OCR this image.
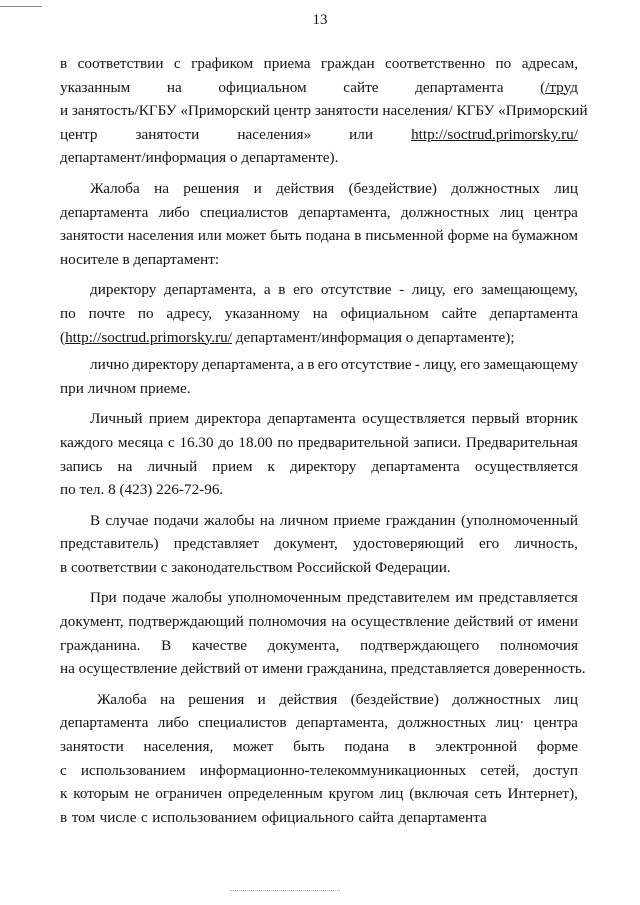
13
в соответствии с графиком приема граждан соответственно по адресам,
указанным на официальном сайте департамента (/труд
и занятость/КГБУ «Приморский центр занятости населения/ КГБУ «Приморский
центр	занятости	населения»	или	http://soctrud.primorsky.ru/
департамент/информация о департаменте).
Жалоба на решения и действия (бездействие) должностных лиц
департамента либо специалистов департамента, должностных лиц центра
занятости населения или может быть подана в письменной форме на бумажном
носителе в департамент:
директору департамента, а в его отсутствие - лицу, его замещающему,
по почте по адресу, указанному на официальном сайте департамента
(http://soctrud.primorsky.ru/ департамент/информация о департаменте);
лично директору департамента, а в его отсутствие - лицу, его замещающему
при личном приеме.
Личный прием директора департамента осуществляется первый вторник
каждого месяца с 16.30 до 18.00 по предварительной записи. Предварительная
запись на личный прием к директору департамента осуществляется
по тел. 8 (423) 226-72-96.
В случае подачи жалобы на личном приеме гражданин (уполномоченный
представитель) представляет документ, удостоверяющий его личность,
в соответствии с законодательством Российской Федерации.
При подаче жалобы уполномоченным представителем им представляется
документ, подтверждающий полномочия на осуществление действий от имени
гражданина. В качестве документа, подтверждающего полномочия
на осуществление действий от имени гражданина, представляется доверенность.
Жалоба на решения и действия (бездействие) должностных лиц
департамента либо специалистов департамента, должностных лиц· центра
занятости населения, может быть подана в электронной форме
с использованием информационно-телекоммуникационных сетей, доступ
к которым не ограничен определенным кругом лиц (включая сеть Интернет),
в том числе с использованием официального сайта департамента
